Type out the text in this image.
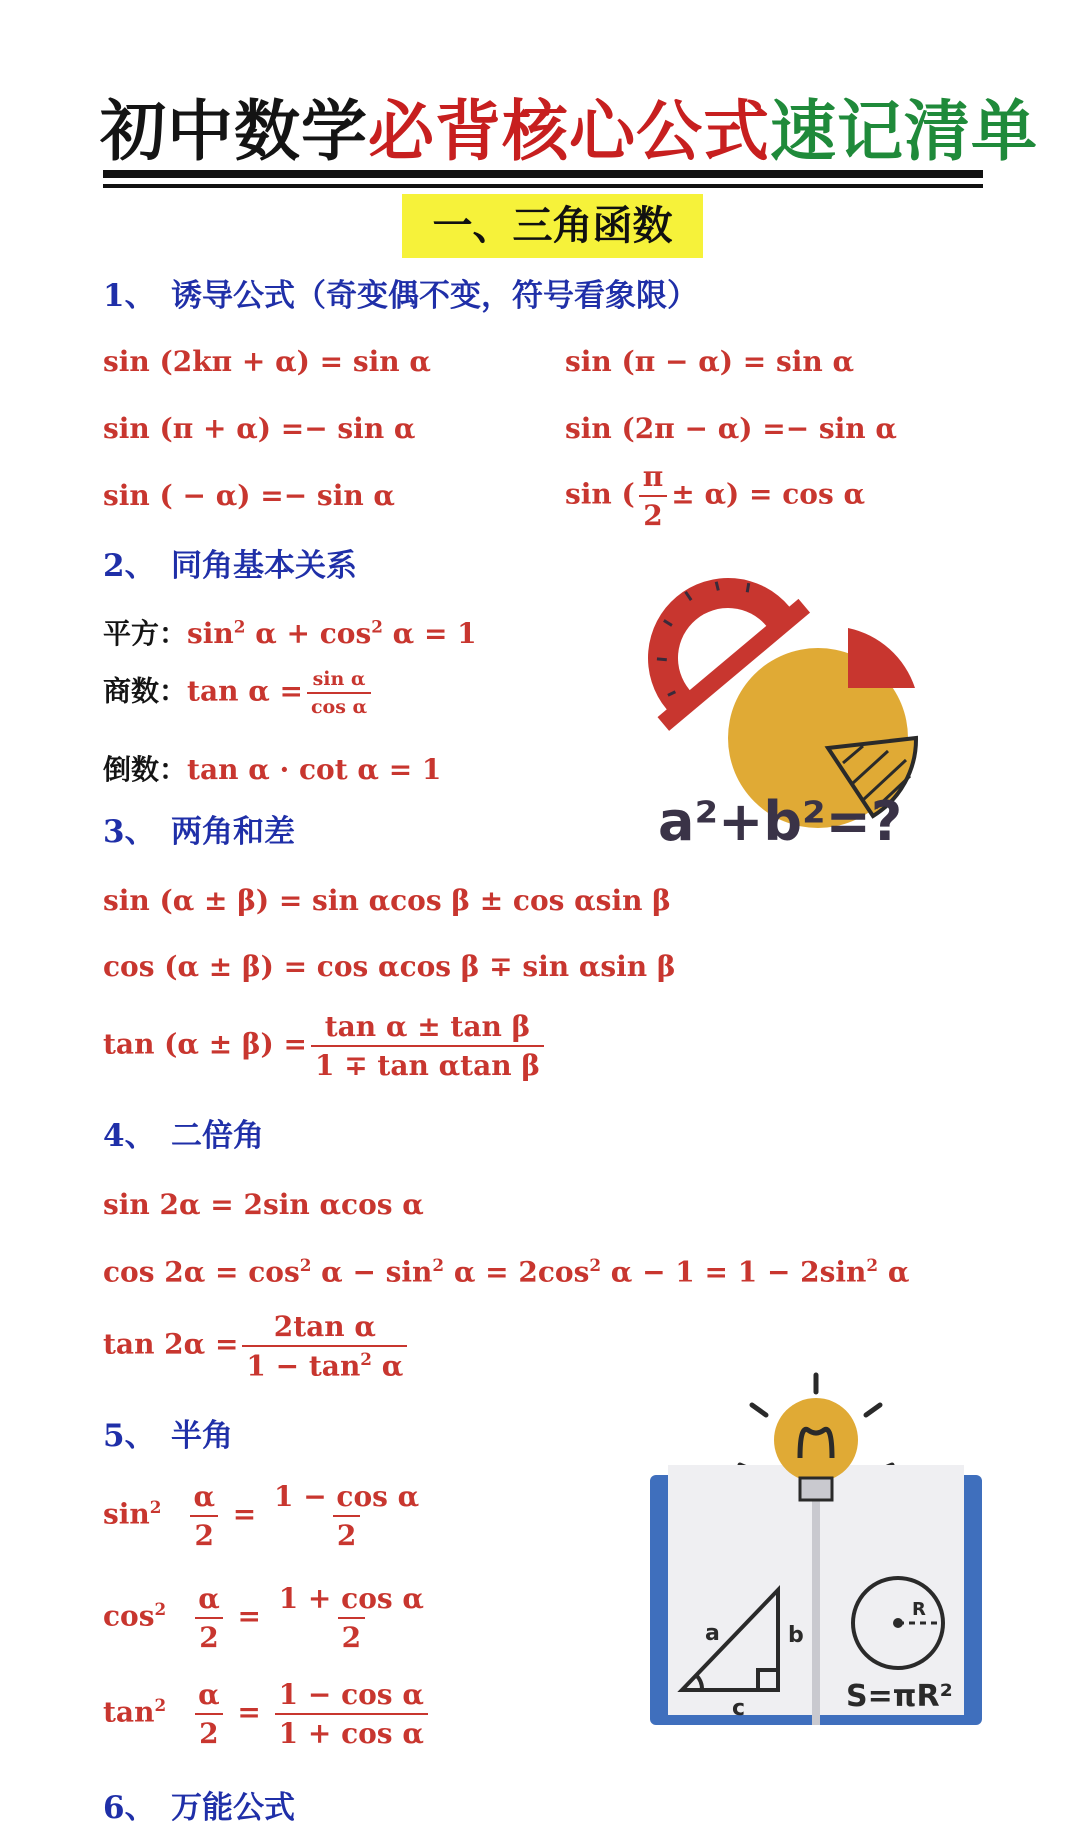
初中数学必背核心公式速记清单
一、三角函数
1、 诱导公式（奇变偶不变，符号看象限）
sin (2kπ + α) = sin α	sin (π − α) = sin α
sin (π + α) =− sin α	sin (2π − α) =− sin α
sin ( − α) =− sin α	sin ( $\frac{\pi}{2} \pm \alpha) = \cos \alpha$
2、 同角基本关系
平方：$\sin^2 \alpha + \cos^2 \alpha = 1$
商数：$\tan \alpha = \frac{\text{sin α}}{\text{cos α}}$
倒数：tan α · cot α = 1
a²+b²=?
3、 两角和差
sin (α ± β) = sin αcos β ± cos αsin β
cos (α ± β) = cos αcos β ∓ sin αsin β
$\tan (\alpha \pm \beta) = \frac{\text{tan α ± tan β}}{\text{1 ∓ tan αtan β}}$
4、 二倍角
sin 2α = 2sin αcos α
$\cos 2\alpha = \cos^2 \alpha - \sin^2 \alpha = 2\cos^2$ $\alpha - 1 = 1 - 2\sin^2$ α
$\tan 2\alpha = \frac{\text{2tan α}}{1 - \tan^2 \alpha}$
5、 半角
$\sin^2 \frac{\alpha}{2} = \frac{\text{1 − cos α}}{2}$
$\cos^2 \frac{\alpha}{2} = \frac{\text{1 + cos α}}{2}$
$\tan^2 \frac{\alpha}{2} = \frac{\text{1 − cos α}}{\text{1 + cos α}}$
6、 万能公式
a	b
c
R
S=πR²
